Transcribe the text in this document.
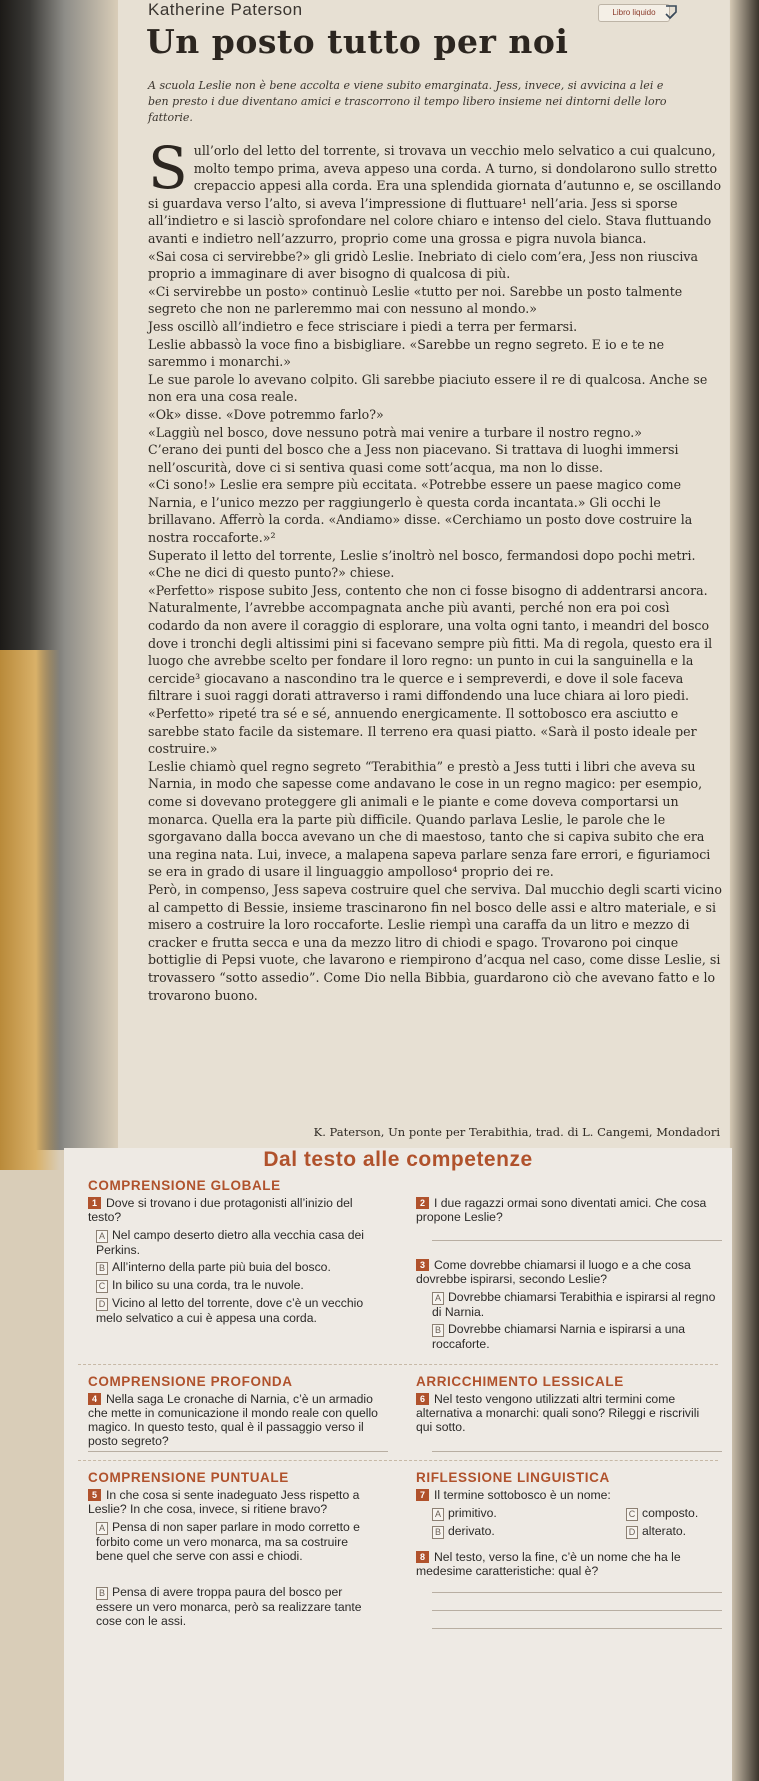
Katherine Paterson	Libro liquido
Un posto tutto per noi

A scuola Leslie non è bene accolta e viene subito emarginata. Jess, invece, si avvicina a lei e ben presto i due diventano amici e trascorrono il tempo libero insieme nei dintorni delle loro fattorie.

S ull’orlo del letto del torrente, si trovava un vecchio melo selvatico a cui qualcuno, molto tempo prima, aveva appeso una corda. A turno, si dondolarono sullo stretto crepaccio appesi alla corda. Era una splendida giornata d’autunno e, se oscillando si guardava verso l’alto, si aveva l’impressione di fluttuare¹ nell’aria. Jess si sporse all’indietro e si lasciò sprofondare nel colore chiaro e intenso del cielo. Stava fluttuando avanti e indietro nell’azzurro, proprio come una grossa e pigra nuvola bianca.

«Sai cosa ci servirebbe?» gli gridò Leslie. Inebriato di cielo com’era, Jess non riusciva proprio a immaginare di aver bisogno di qualcosa di più.

«Ci servirebbe un posto» continuò Leslie «tutto per noi. Sarebbe un posto talmente segreto che non ne parleremmo mai con nessuno al mondo.»

Jess oscillò all’indietro e fece strisciare i piedi a terra per fermarsi.

Leslie abbassò la voce fino a bisbigliare. «Sarebbe un regno segreto. E io e te ne saremmo i monarchi.»

Le sue parole lo avevano colpito. Gli sarebbe piaciuto essere il re di qualcosa. Anche se non era una cosa reale.

«Ok» disse. «Dove potremmo farlo?»

«Laggiù nel bosco, dove nessuno potrà mai venire a turbare il nostro regno.»

C’erano dei punti del bosco che a Jess non piacevano. Si trattava di luoghi immersi nell’oscurità, dove ci si sentiva quasi come sott’acqua, ma non lo disse.

«Ci sono!» Leslie era sempre più eccitata. «Potrebbe essere un paese magico come Narnia, e l’unico mezzo per raggiungerlo è questa corda incantata.» Gli occhi le brillavano. Afferrò la corda. «Andiamo» disse. «Cerchiamo un posto dove costruire la nostra roccaforte.»²

Superato il letto del torrente, Leslie s’inoltrò nel bosco, fermandosi dopo pochi metri.

«Che ne dici di questo punto?» chiese.

«Perfetto» rispose subito Jess, contento che non ci fosse bisogno di addentrarsi ancora. Naturalmente, l’avrebbe accompagnata anche più avanti, perché non era poi così codardo da non avere il coraggio di esplorare, una volta ogni tanto, i meandri del bosco dove i tronchi degli altissimi pini si facevano sempre più fitti. Ma di regola, questo era il luogo che avrebbe scelto per fondare il loro regno: un punto in cui la sanguinella e la cercide³ giocavano a nascondino tra le querce e i sempreverdi, e dove il sole faceva filtrare i suoi raggi dorati attraverso i rami diffondendo una luce chiara ai loro piedi.

«Perfetto» ripeté tra sé e sé, annuendo energicamente. Il sottobosco era asciutto e sarebbe stato facile da sistemare. Il terreno era quasi piatto. «Sarà il posto ideale per costruire.»

Leslie chiamò quel regno segreto “Terabithia” e prestò a Jess tutti i libri che aveva su Narnia, in modo che sapesse come andavano le cose in un regno magico: per esempio, come si dovevano proteggere gli animali e le piante e come doveva comportarsi un monarca. Quella era la parte più difficile. Quando parlava Leslie, le parole che le sgorgavano dalla bocca avevano un che di maestoso, tanto che si capiva subito che era una regina nata. Lui, invece, a malapena sapeva parlare senza fare errori, e figuriamoci se era in grado di usare il linguaggio ampolloso⁴ proprio dei re.

Però, in compenso, Jess sapeva costruire quel che serviva. Dal mucchio degli scarti vicino al campetto di Bessie, insieme trascinarono fin nel bosco delle assi e altro materiale, e si misero a costruire la loro roccaforte. Leslie riempì una caraffa da un litro e mezzo di cracker e frutta secca e una da mezzo litro di chiodi e spago. Trovarono poi cinque bottiglie di Pepsi vuote, che lavarono e riempirono d’acqua nel caso, come disse Leslie, si trovassero “sotto assedio”. Come Dio nella Bibbia, guardarono ciò che avevano fatto e lo trovarono buono.

K. Paterson, Un ponte per Terabithia, trad. di L. Cangemi, Mondadori
Dal testo alle competenze
COMPRENSIONE GLOBALE
1 Dove si trovano i due protagonisti all’inizio del testo?
A Nel campo deserto dietro alla vecchia casa dei Perkins.
B All’interno della parte più buia del bosco.
C In bilico su una corda, tra le nuvole.
D Vicino al letto del torrente, dove c’è un vecchio melo selvatico a cui è appesa una corda.
2 I due ragazzi ormai sono diventati amici. Che cosa propone Leslie?
3 Come dovrebbe chiamarsi il luogo e a che cosa dovrebbe ispirarsi, secondo Leslie?
A Dovrebbe chiamarsi Terabithia e ispirarsi al regno di Narnia.
B Dovrebbe chiamarsi Narnia e ispirarsi a una roccaforte.
COMPRENSIONE PROFONDA
4 Nella saga Le cronache di Narnia, c’è un armadio che mette in comunicazione il mondo reale con quello magico. In questo testo, qual è il passaggio verso il posto segreto?
ARRICCHIMENTO LESSICALE
6 Nel testo vengono utilizzati altri termini come alternativa a monarchi: quali sono? Rileggi e riscrivili qui sotto.
COMPRENSIONE PUNTUALE
5 In che cosa si sente inadeguato Jess rispetto a Leslie? In che cosa, invece, si ritiene bravo?
A Pensa di non saper parlare in modo corretto e forbito come un vero monarca, ma sa costruire bene quel che serve con assi e chiodi.
B Pensa di avere troppa paura del bosco per essere un vero monarca, però sa realizzare tante cose con le assi.
RIFLESSIONE LINGUISTICA
7 Il termine sottobosco è un nome:
A primitivo.
B derivato.
C composto.
D alterato.
8 Nel testo, verso la fine, c’è un nome che ha le medesime caratteristiche: qual è?
